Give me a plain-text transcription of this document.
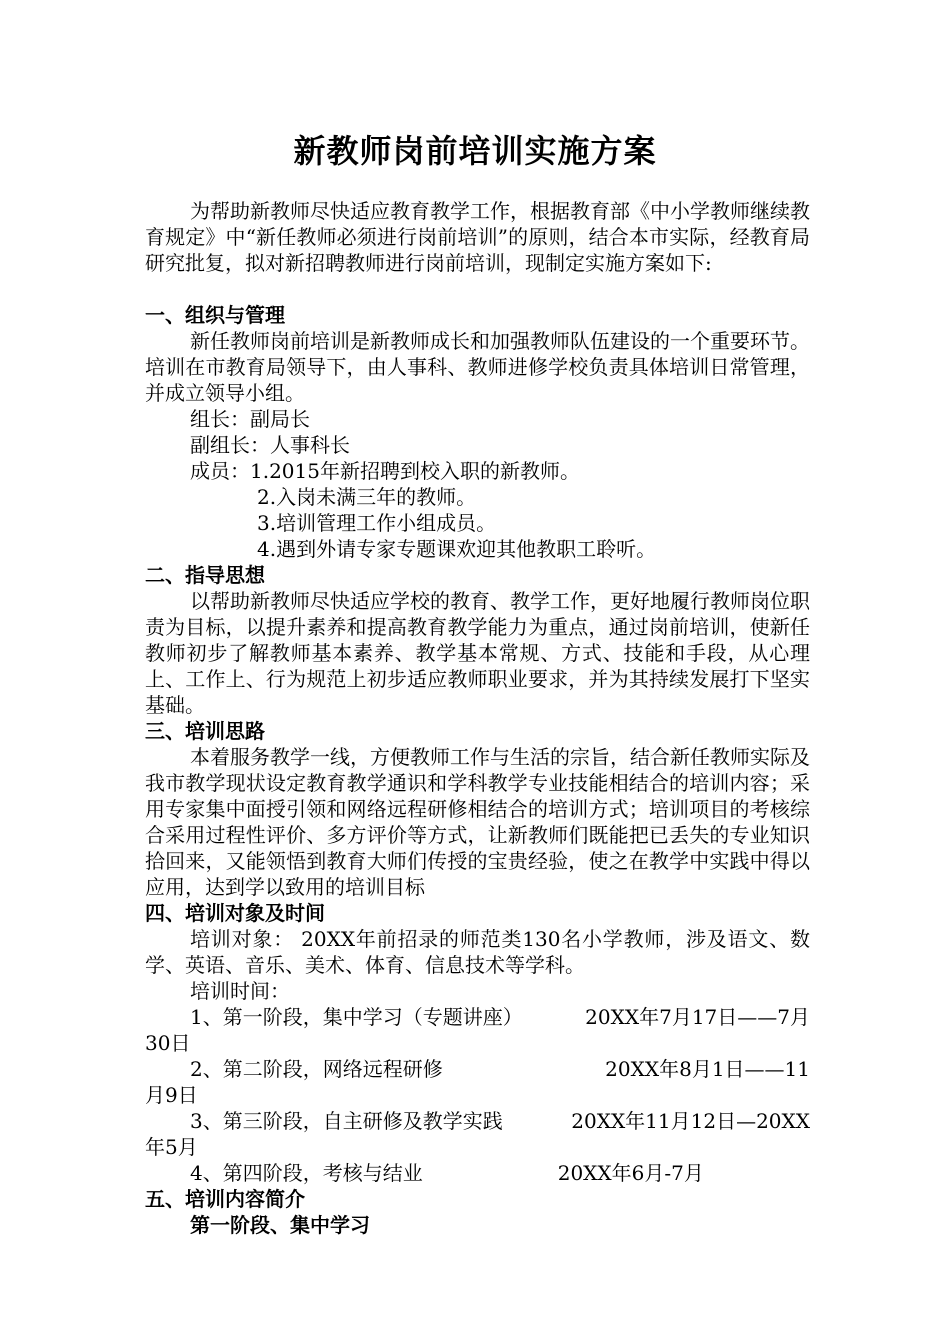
新教师岗前培训实施方案

为帮助新教师尽快适应教育教学工作，根据教育部《中小学教师继续教育规定》中“新任教师必须进行岗前培训”的原则，结合本市实际，经教育局研究批复，拟对新招聘教师进行岗前培训，现制定实施方案如下:

一、组织与管理

新任教师岗前培训是新教师成长和加强教师队伍建设的一个重要环节。培训在市教育局领导下，由人事科、教师进修学校负责具体培训日常管理，并成立领导小组。

组长：副局长

副组长：人事科长

成员：1.2015年新招聘到校入职的新教师。

2.入岗未满三年的教师。

3.培训管理工作小组成员。

4.遇到外请专家专题课欢迎其他教职工聆听。

二、指导思想

以帮助新教师尽快适应学校的教育、教学工作，更好地履行教师岗位职责为目标，以提升素养和提高教育教学能力为重点，通过岗前培训，使新任教师初步了解教师基本素养、教学基本常规、方式、技能和手段，从心理上、工作上、行为规范上初步适应教师职业要求，并为其持续发展打下坚实基础。

三、培训思路

本着服务教学一线，方便教师工作与生活的宗旨，结合新任教师实际及我市教学现状设定教育教学通识和学科教学专业技能相结合的培训内容；采用专家集中面授引领和网络远程研修相结合的培训方式；培训项目的考核综合采用过程性评价、多方评价等方式，让新教师们既能把已丢失的专业知识拾回来，又能领悟到教育大师们传授的宝贵经验，使之在教学中实践中得以应用，达到学以致用的培训目标

四、培训对象及时间

培训对象： 20XX年前招录的师范类130名小学教师，涉及语文、数学、英语、音乐、美术、体育、信息技术等学科。

培训时间：

1、第一阶段，集中学习（专题讲座）	20XX年7月17日——7月

30日

2、第二阶段，网络远程研修	20XX年8月1日——11

月9日

3、第三阶段，自主研修及教学实践	20XX年11月12日—20XX

年5月

4、第四阶段，考核与结业	20XX年6月-7月

五、培训内容简介

第一阶段、集中学习
